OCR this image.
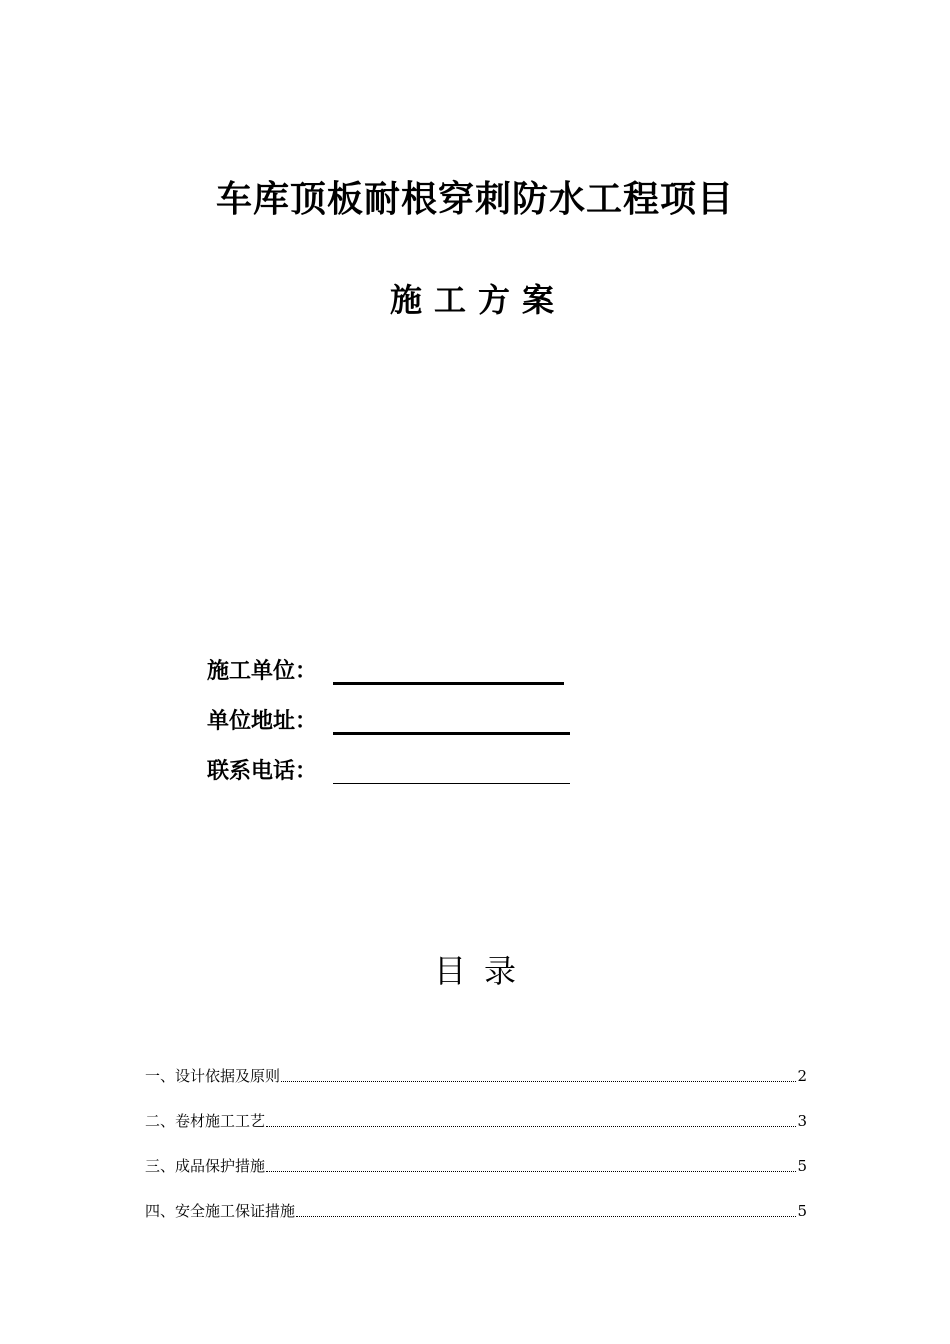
车库顶板耐根穿刺防水工程项目
施工方案
施工单位：
单位地址：
联系电话：
目录
一、设计依据及原则	2
二、卷材施工工艺	3
三、成品保护措施	5
四、安全施工保证措施	5
